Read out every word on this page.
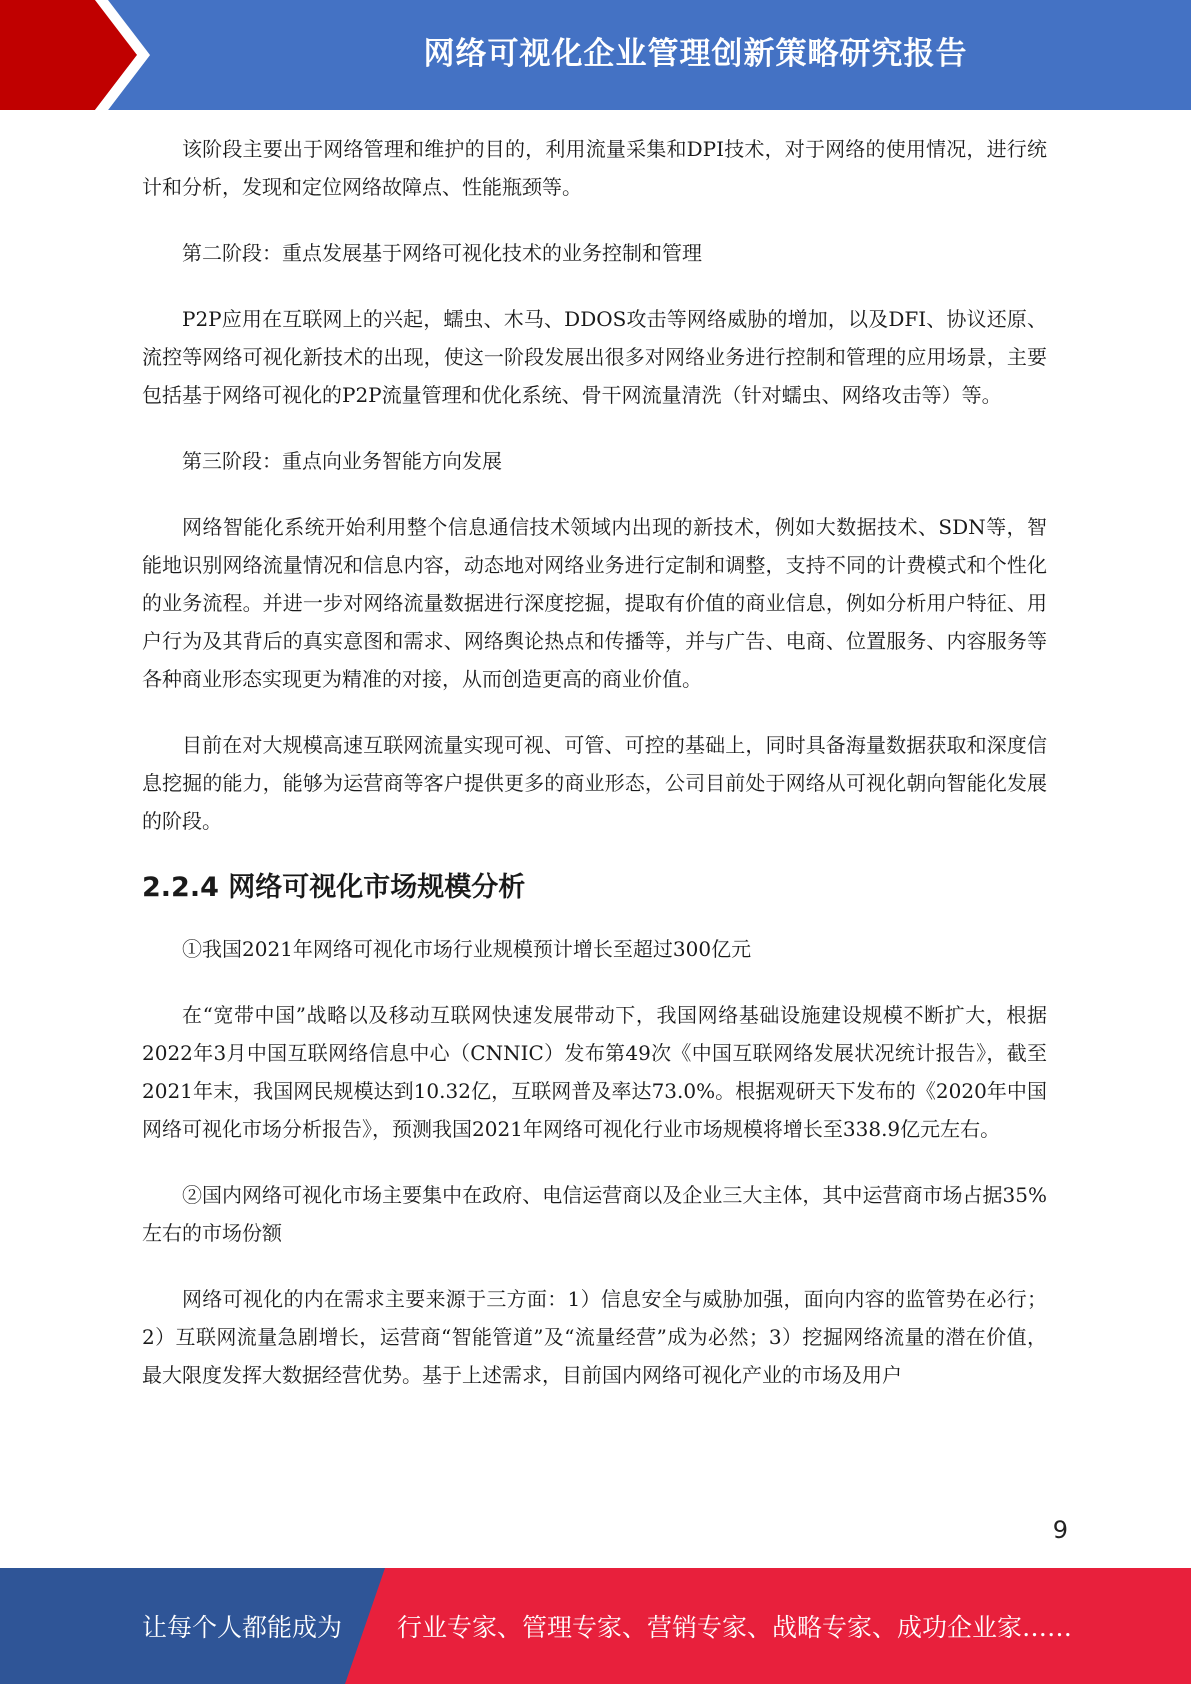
网络可视化企业管理创新策略研究报告

该阶段主要出于网络管理和维护的目的，利用流量采集和DPI技术，对于网络的使用情况，进行统计和分析，发现和定位网络故障点、性能瓶颈等。

第二阶段：重点发展基于网络可视化技术的业务控制和管理

P2P应用在互联网上的兴起，蠕虫、木马、DDOS攻击等网络威胁的增加，以及DFI、协议还原、流控等网络可视化新技术的出现，使这一阶段发展出很多对网络业务进行控制和管理的应用场景，主要包括基于网络可视化的P2P流量管理和优化系统、骨干网流量清洗（针对蠕虫、网络攻击等）等。

第三阶段：重点向业务智能方向发展

网络智能化系统开始利用整个信息通信技术领域内出现的新技术，例如大数据技术、SDN等，智能地识别网络流量情况和信息内容，动态地对网络业务进行定制和调整，支持不同的计费模式和个性化的业务流程。并进一步对网络流量数据进行深度挖掘，提取有价值的商业信息，例如分析用户特征、用户行为及其背后的真实意图和需求、网络舆论热点和传播等，并与广告、电商、位置服务、内容服务等各种商业形态实现更为精准的对接，从而创造更高的商业价值。

目前在对大规模高速互联网流量实现可视、可管、可控的基础上，同时具备海量数据获取和深度信息挖掘的能力，能够为运营商等客户提供更多的商业形态，公司目前处于网络从可视化朝向智能化发展的阶段。

2.2.4 网络可视化市场规模分析

①我国2021年网络可视化市场行业规模预计增长至超过300亿元

在“宽带中国”战略以及移动互联网快速发展带动下，我国网络基础设施建设规模不断扩大，根据2022年3月中国互联网络信息中心（CNNIC）发布第49次《中国互联网络发展状况统计报告》，截至2021年末，我国网民规模达到10.32亿，互联网普及率达73.0%。根据观研天下发布的《2020年中国网络可视化市场分析报告》，预测我国2021年网络可视化行业市场规模将增长至338.9亿元左右。

②国内网络可视化市场主要集中在政府、电信运营商以及企业三大主体，其中运营商市场占据35%左右的市场份额

网络可视化的内在需求主要来源于三方面：1）信息安全与威胁加强，面向内容的监管势在必行；2）互联网流量急剧增长，运营商“智能管道”及“流量经营”成为必然；3）挖掘网络流量的潜在价值，最大限度发挥大数据经营优势。基于上述需求，目前国内网络可视化产业的市场及用户

9
让每个人都能成为 行业专家、管理专家、营销专家、战略专家、成功企业家……
